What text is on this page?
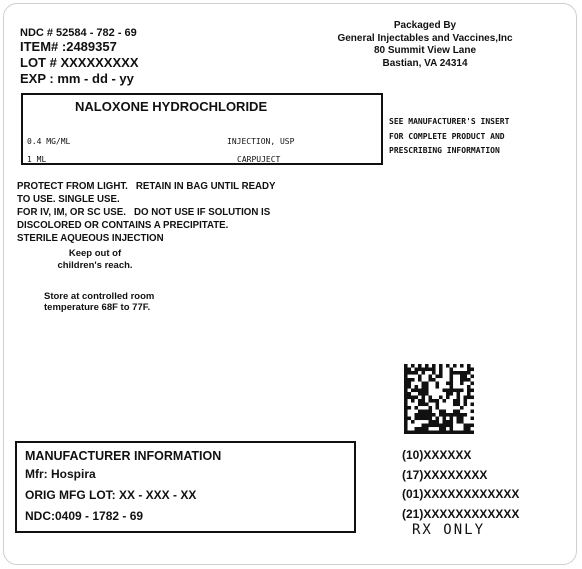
NDC # 52584 - 782 - 69
ITEM# :2489357
LOT # XXXXXXXXX
EXP : mm - dd - yy
Packaged By
General Injectables and Vaccines,Inc
80 Summit View Lane
Bastian, VA 24314
NALOXONE HYDROCHLORIDE
0.4 MG/ML	INJECTION, USP
1 ML	CARPUJECT
SEE MANUFACTURER'S INSERT
FOR COMPLETE PRODUCT AND
PRESCRIBING INFORMATION
PROTECT FROM LIGHT.   RETAIN IN BAG UNTIL READY
TO USE. SINGLE USE.
FOR IV, IM, OR SC USE.   DO NOT USE IF SOLUTION IS
DISCOLORED OR CONTAINS A PRECIPITATE.
STERILE AQUEOUS INJECTION
Keep out of
children's reach.
Store at controlled room
temperature 68F to 77F.
MANUFACTURER INFORMATION
Mfr: Hospira
ORIG MFG LOT: XX - XXX - XX
NDC:0409 - 1782 - 69
(10)XXXXXX
(17)XXXXXXXX
(01)XXXXXXXXXXXX
(21)XXXXXXXXXXXX
RX ONLY
